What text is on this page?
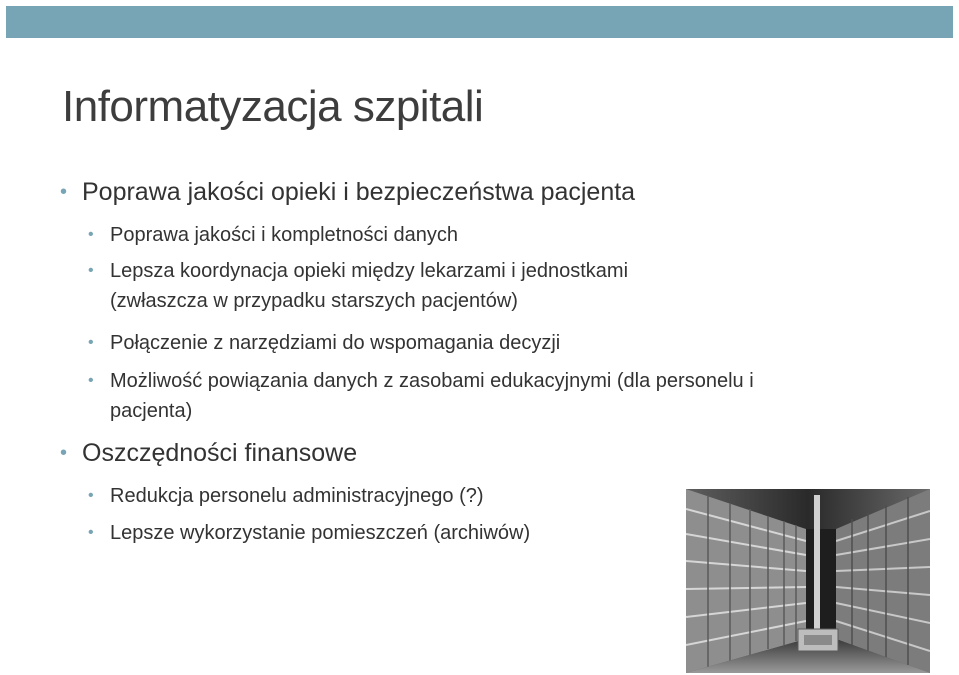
Informatyzacja szpitali
• Poprawa jakości opieki i bezpieczeństwa pacjenta
• Poprawa jakości i kompletności danych
• Lepsza koordynacja opieki między lekarzami i jednostkami
(zwłaszcza w przypadku starszych pacjentów)
• Połączenie z narzędziami do wspomagania decyzji
• Możliwość powiązania danych z zasobami edukacyjnymi (dla personelu i
pacjenta)
• Oszczędności finansowe
• Redukcja personelu administracyjnego (?)
• Lepsze wykorzystanie pomieszczeń (archiwów)
